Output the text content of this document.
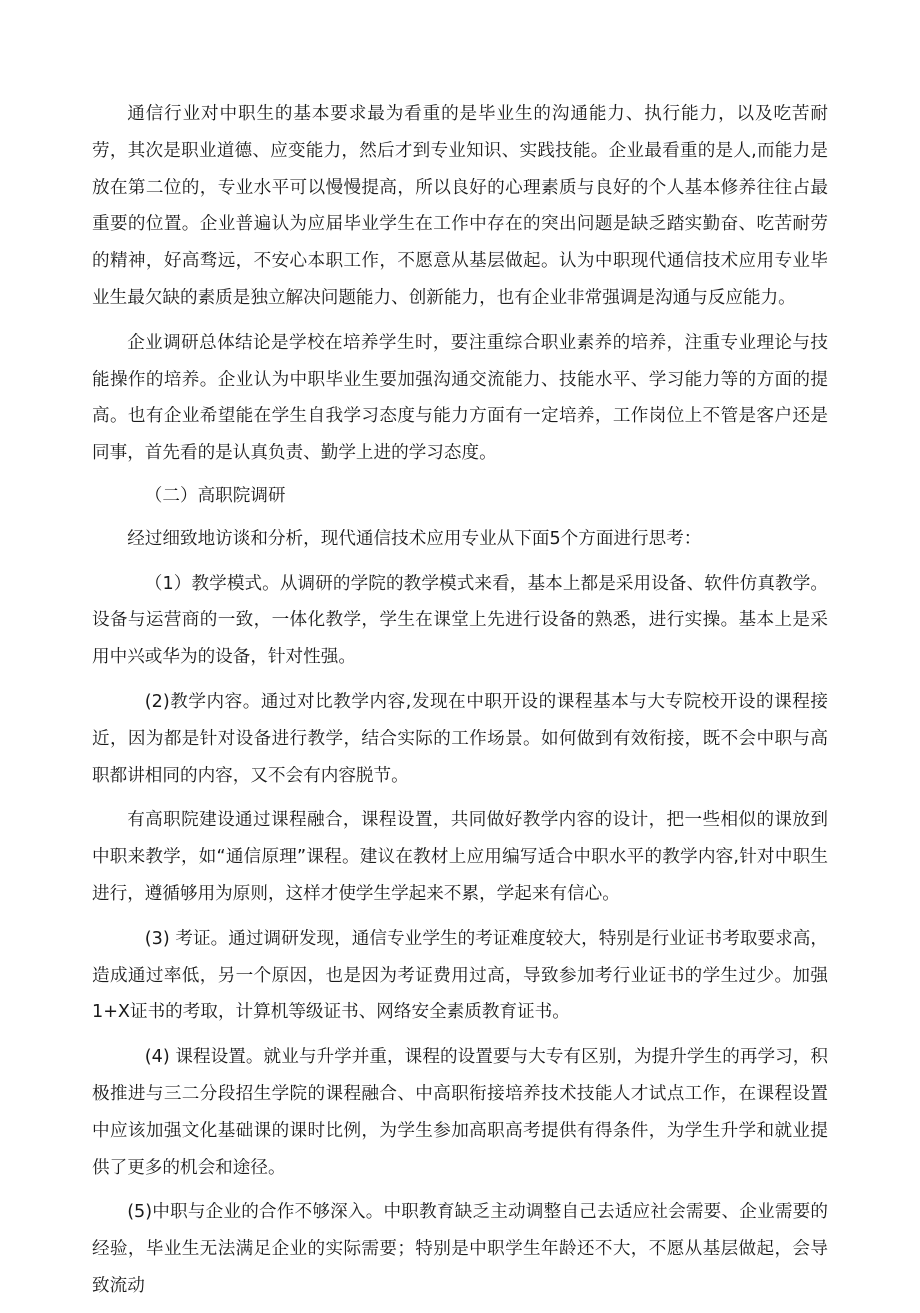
通信行业对中职生的基本要求最为看重的是毕业生的沟通能力、执行能力，以及吃苦耐劳，其次是职业道德、应变能力，然后才到专业知识、实践技能。企业最看重的是人,而能力是放在第二位的，专业水平可以慢慢提高，所以良好的心理素质与良好的个人基本修养往往占最重要的位置。企业普遍认为应届毕业学生在工作中存在的突出问题是缺乏踏实勤奋、吃苦耐劳的精神，好高骛远，不安心本职工作，不愿意从基层做起。认为中职现代通信技术应用专业毕业生最欠缺的素质是独立解决问题能力、创新能力，也有企业非常强调是沟通与反应能力。

企业调研总体结论是学校在培养学生时，要注重综合职业素养的培养，注重专业理论与技能操作的培养。企业认为中职毕业生要加强沟通交流能力、技能水平、学习能力等的方面的提高。也有企业希望能在学生自我学习态度与能力方面有一定培养，工作岗位上不管是客户还是同事，首先看的是认真负责、勤学上进的学习态度。

（二）高职院调研

经过细致地访谈和分析，现代通信技术应用专业从下面5个方面进行思考：

（1）教学模式。从调研的学院的教学模式来看，基本上都是采用设备、软件仿真教学。设备与运营商的一致，一体化教学，学生在课堂上先进行设备的熟悉，进行实操。基本上是采用中兴或华为的设备，针对性强。

(2)教学内容。通过对比教学内容,发现在中职开设的课程基本与大专院校开设的课程接近，因为都是针对设备进行教学，结合实际的工作场景。如何做到有效衔接，既不会中职与高职都讲相同的内容，又不会有内容脱节。

有高职院建设通过课程融合，课程设置，共同做好教学内容的设计，把一些相似的课放到中职来教学，如“通信原理”课程。建议在教材上应用编写适合中职水平的教学内容,针对中职生进行，遵循够用为原则，这样才使学生学起来不累，学起来有信心。

(3) 考证。通过调研发现，通信专业学生的考证难度较大，特别是行业证书考取要求高，造成通过率低，另一个原因，也是因为考证费用过高，导致参加考行业证书的学生过少。加强1+X证书的考取，计算机等级证书、网络安全素质教育证书。

(4) 课程设置。就业与升学并重，课程的设置要与大专有区别，为提升学生的再学习，积极推进与三二分段招生学院的课程融合、中高职衔接培养技术技能人才试点工作，在课程设置中应该加强文化基础课的课时比例，为学生参加高职高考提供有得条件，为学生升学和就业提供了更多的机会和途径。

(5)中职与企业的合作不够深入。中职教育缺乏主动调整自己去适应社会需要、企业需要的经验，毕业生无法满足企业的实际需要；特别是中职学生年龄还不大，不愿从基层做起，会导致流动
